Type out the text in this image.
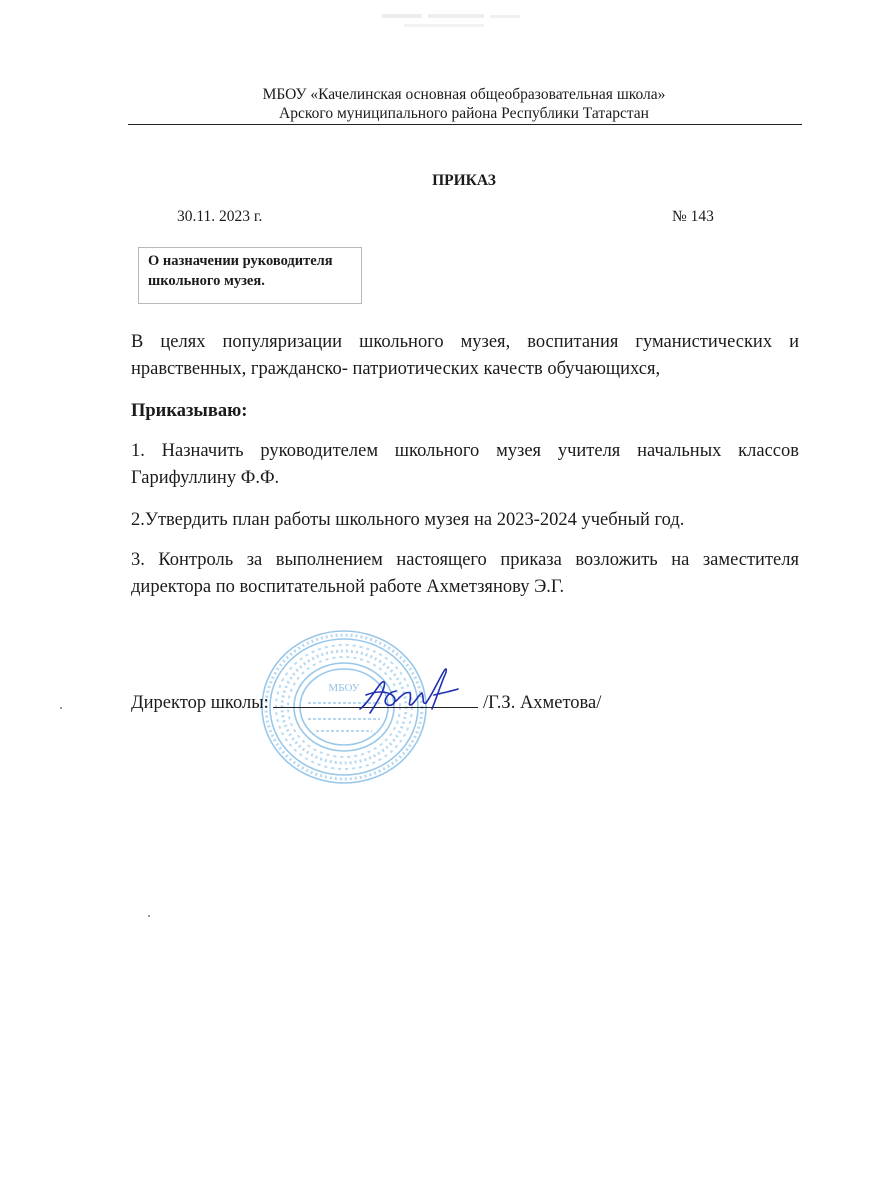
МБОУ «Качелинская основная общеобразовательная школа»
Арского муниципального района Республики Татарстан
ПРИКАЗ
30.11. 2023 г.	№ 143
О назначении руководителя
школьного музея.
В целях популяризации школьного музея, воспитания гуманистических и нравственных, гражданско- патриотических качеств обучающихся,
Приказываю:
1. Назначить руководителем школьного музея учителя начальных классов Гарифуллину Ф.Ф.
2.Утвердить план работы школьного музея на 2023-2024 учебный год.
3. Контроль за выполнением настоящего приказа возложить на заместителя директора по воспитательной работе Ахметзянову Э.Г.
МБОУ
Директор школы:	/Г.З. Ахметова/
